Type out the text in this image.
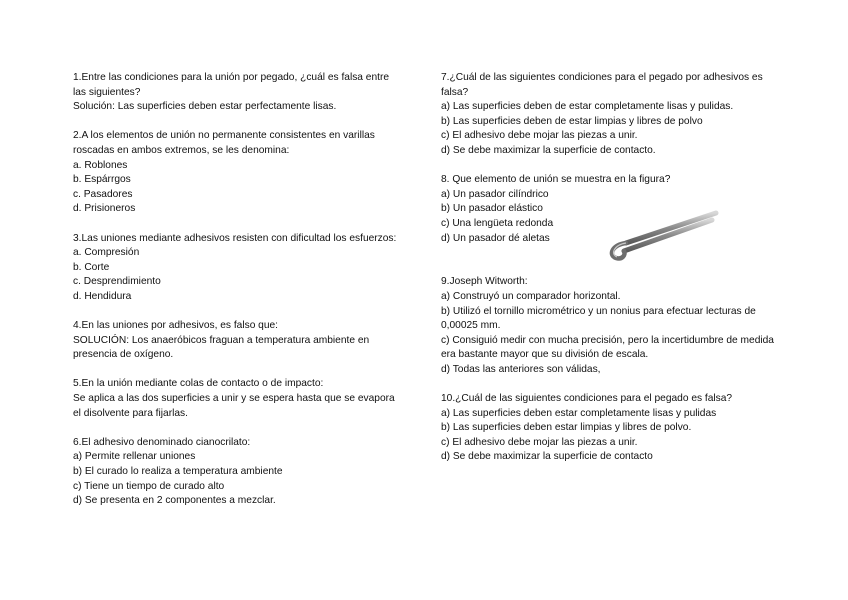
1.Entre las condiciones para la unión por pegado, ¿cuál es falsa entre las siguientes?
Solución: Las superficies deben estar perfectamente lisas.
2.A los elementos de unión no permanente consistentes en varillas roscadas en ambos extremos, se les denomina:
a. Roblones
b. Espárrgos
c. Pasadores
d. Prisioneros
3.Las uniones mediante adhesivos resisten con dificultad los esfuerzos:
a. Compresión
b. Corte
c. Desprendimiento
d. Hendidura
4.En las uniones por adhesivos, es falso que:
SOLUCIÓN: Los anaeróbicos fraguan a temperatura ambiente en presencia de oxígeno.
5.En la unión mediante colas de contacto o de impacto:
Se aplica a las dos superficies a unir y se espera hasta que se evapora el disolvente para fijarlas.
6.El adhesivo denominado cianocrilato:
a) Permite rellenar uniones
b) El curado lo realiza a temperatura ambiente
c) Tiene un tiempo de curado alto
d) Se presenta en 2 componentes a mezclar.
7.¿Cuál de las siguientes condiciones para el pegado por adhesivos es falsa?
a) Las superficies deben de estar completamente lisas y pulidas.
b) Las superficies deben de estar limpias y libres de polvo
c) El adhesivo debe mojar las piezas a unir.
d) Se debe maximizar la superficie de contacto.
8. Que elemento de unión se muestra en la figura?
a) Un pasador cilíndrico
b) Un pasador elástico
c) Una lengüeta redonda
d) Un pasador dé aletas
9.Joseph Witworth:
a) Construyó un comparador horizontal.
b) Utilizó el tornillo micrométrico y un nonius para efectuar lecturas de 0,00025 mm.
c) Consiguió medir con mucha precisión, pero la incertidumbre de medida era bastante mayor que su división de escala.
d) Todas las anteriores son válidas,
10.¿Cuál de las siguientes condiciones para el pegado es falsa?
a) Las superficies deben estar completamente lisas y pulidas
b) Las superficies deben estar limpias y libres de polvo.
c) El adhesivo debe mojar las piezas a unir.
d) Se debe maximizar la superficie de contacto
